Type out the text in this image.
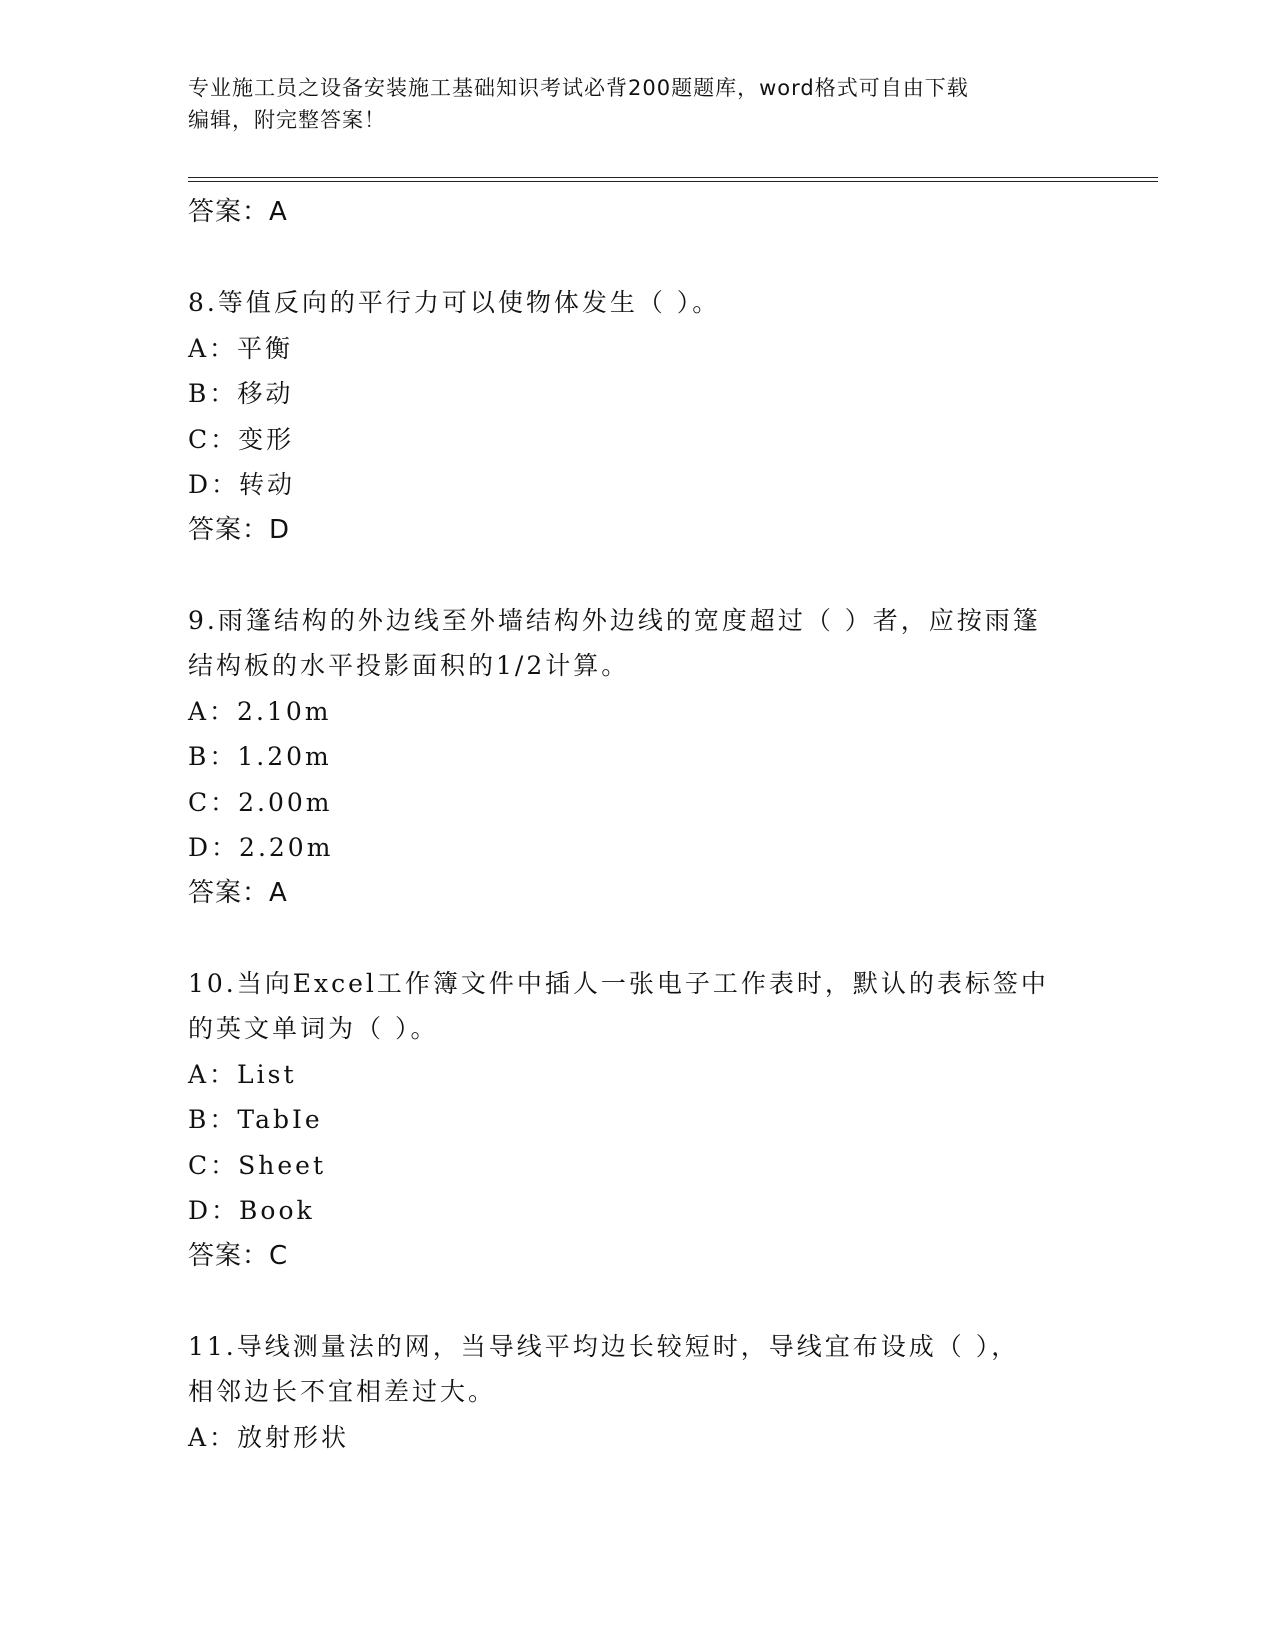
专业施工员之设备安装施工基础知识考试必背200题题库，word格式可自由下载
编辑，附完整答案！
答案：A
8.等值反向的平行力可以使物体发生（ ）。
A：平衡
B：移动
C：变形
D：转动
答案：D
9.雨篷结构的外边线至外墙结构外边线的宽度超过（ ）者，应按雨篷
结构板的水平投影面积的1/2计算。
A：2.10m
B：1.20m
C：2.00m
D：2.20m
答案：A
10.当向Excel工作簿文件中插人一张电子工作表时，默认的表标签中
的英文单词为（ ）。
A：List
B：TabIe
C：Sheet
D：Book
答案：C
11.导线测量法的网，当导线平均边长较短时，导线宜布设成（ ），
相邻边长不宜相差过大。
A：放射形状
